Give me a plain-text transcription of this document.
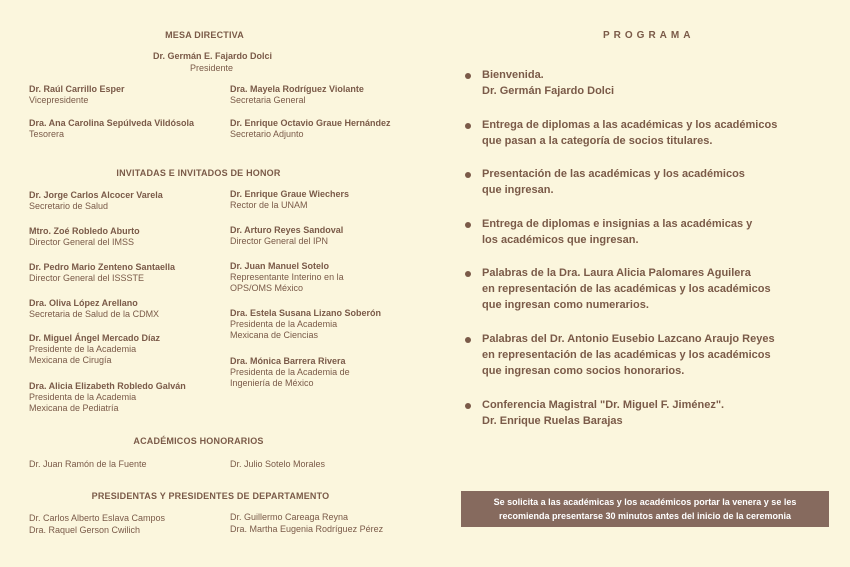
MESA DIRECTIVA
Dr. Germán E. Fajardo Dolci
Presidente
Dr. Raúl Carrillo Esper
Vicepresidente
Dra. Mayela Rodríguez Violante
Secretaria General
Dra. Ana Carolina Sepúlveda Vildósola
Tesorera
Dr. Enrique Octavio Graue Hernández
Secretario Adjunto
INVITADAS E INVITADOS DE HONOR
Dr. Jorge Carlos Alcocer Varela
Secretario de Salud
Mtro. Zoé Robledo Aburto
Director General del IMSS
Dr. Pedro Mario Zenteno Santaella
Director General del ISSSTE
Dra. Oliva López Arellano
Secretaria de Salud de la CDMX
Dr. Miguel Ángel Mercado Díaz
Presidente de la Academia
Mexicana de Cirugía
Dra. Alicia Elizabeth Robledo Galván
Presidenta de la Academia
Mexicana de Pediatría
Dr. Enrique Graue Wiechers
Rector de la UNAM
Dr. Arturo Reyes Sandoval
Director General del IPN
Dr. Juan Manuel Sotelo
Representante Interino en la
OPS/OMS México
Dra. Estela Susana Lizano Soberón
Presidenta de la Academia
Mexicana de Ciencias
Dra. Mónica Barrera Rivera
Presidenta de la Academia de
Ingeniería de México
ACADÉMICOS HONORARIOS
Dr. Juan Ramón de la Fuente	Dr. Julio Sotelo Morales
PRESIDENTAS Y PRESIDENTES DE DEPARTAMENTO
Dr. Carlos Alberto Eslava Campos
Dra. Raquel Gerson Cwilich
Dr. Guillermo Careaga Reyna
Dra. Martha Eugenia Rodríguez Pérez
PROGRAMA
Bienvenida.
Dr. Germán Fajardo Dolci
Entrega de diplomas a las académicas y los académicos
que pasan a la categoría de socios titulares.
Presentación de las académicas y los académicos
que ingresan.
Entrega de diplomas e insignias a las académicas y
los académicos que ingresan.
Palabras de la Dra. Laura Alicia Palomares Aguilera
en representación de las académicas y los académicos
que ingresan como numerarios.
Palabras del Dr. Antonio Eusebio Lazcano Araujo Reyes
en representación de las académicas y los académicos
que ingresan como socios honorarios.
Conferencia Magistral "Dr. Miguel F. Jiménez".
Dr. Enrique Ruelas Barajas
Se solicita a las académicas y los académicos portar la venera y se les
recomienda presentarse 30 minutos antes del inicio de la ceremonia
